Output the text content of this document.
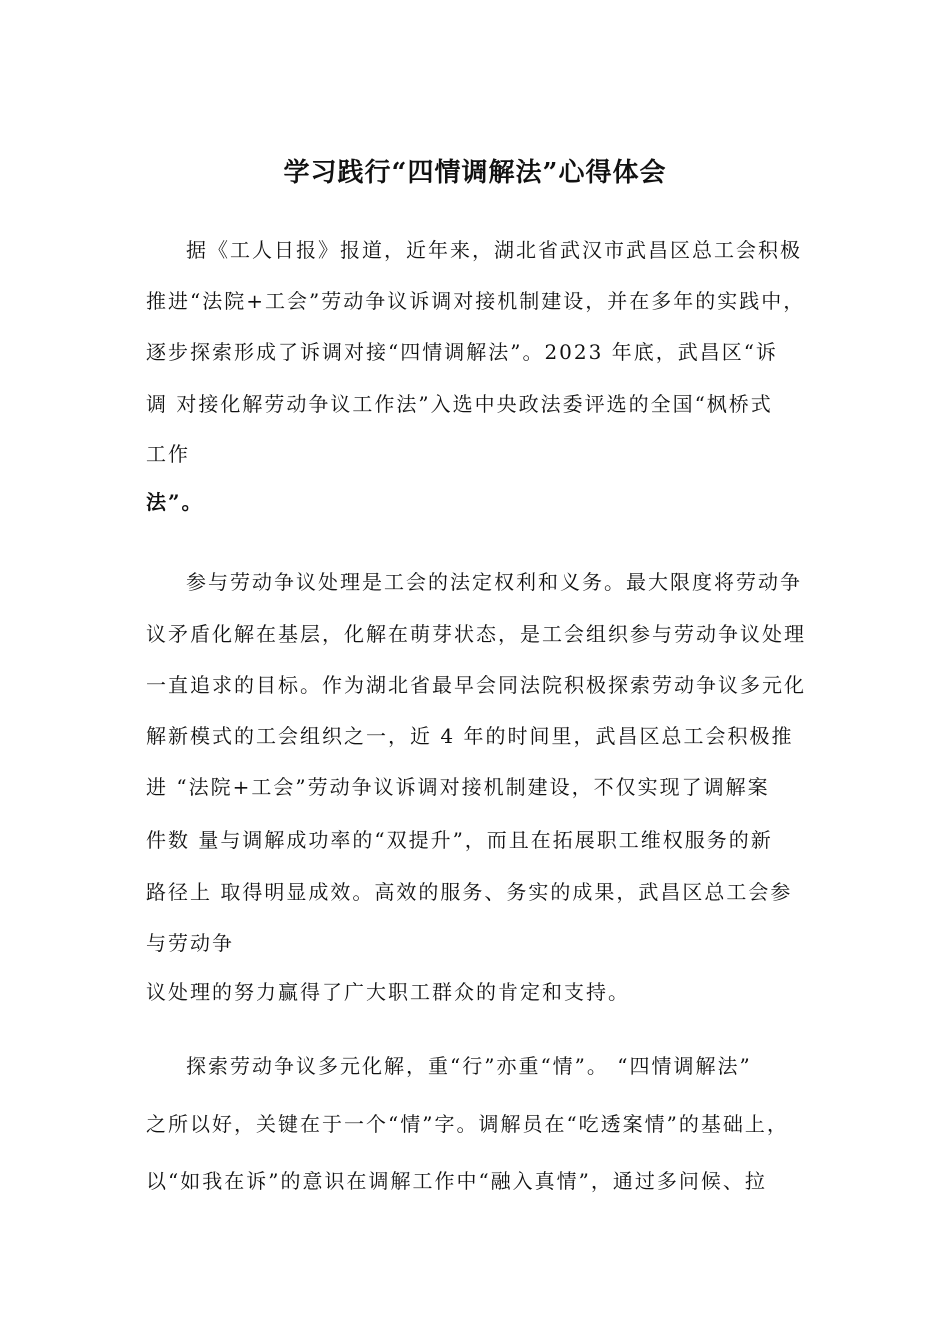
学习践行“四情调解法”心得体会
据《工人日报》报道，近年来，湖北省武汉市武昌区总工会积极
推进“法院+工会”劳动争议诉调对接机制建设，并在多年的实践中，
逐步探索形成了诉调对接“四情调解法”。2023 年底，武昌区“诉
调 对接化解劳动争议工作法”入选中央政法委评选的全国“枫桥式
工作
法”。
参与劳动争议处理是工会的法定权利和义务。最大限度将劳动争
议矛盾化解在基层，化解在萌芽状态，是工会组织参与劳动争议处理
一直追求的目标。作为湖北省最早会同法院积极探索劳动争议多元化
解新模式的工会组织之一，近 4 年的时间里，武昌区总工会积极推
进 “法院+工会”劳动争议诉调对接机制建设，不仅实现了调解案
件数 量与调解成功率的“双提升”，而且在拓展职工维权服务的新
路径上 取得明显成效。高效的服务、务实的成果，武昌区总工会参
与劳动争
议处理的努力赢得了广大职工群众的肯定和支持。
探索劳动争议多元化解，重“行”亦重“情”。 “四情调解法”
之所以好，关键在于一个“情”字。调解员在“吃透案情”的基础上，
以“如我在诉”的意识在调解工作中“融入真情”，通过多问候、拉
